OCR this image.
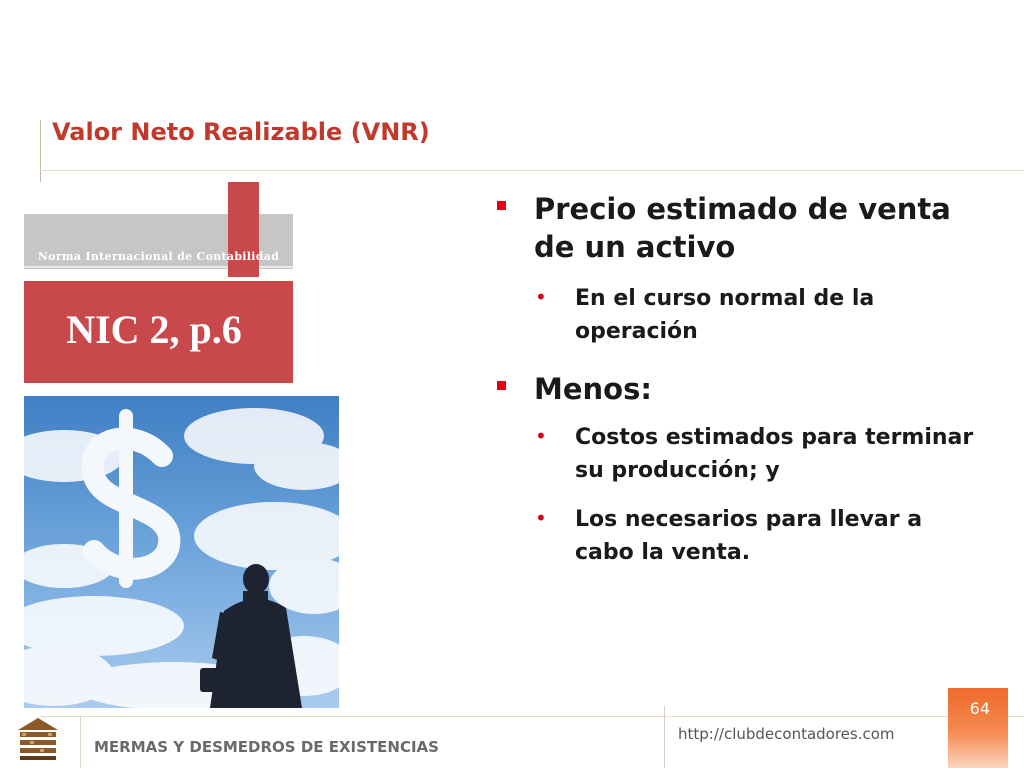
Valor Neto Realizable (VNR)
Norma Internacional de Contabilidad
NIC 2, p.6
Precio estimado de venta de un activo
• En el curso normal de la operación
Menos:
• Costos estimados para terminar su producción; y
• Los necesarios para llevar a cabo la venta.
MERMAS Y DESMEDROS DE EXISTENCIAS
http://clubdecontadores.com
64
